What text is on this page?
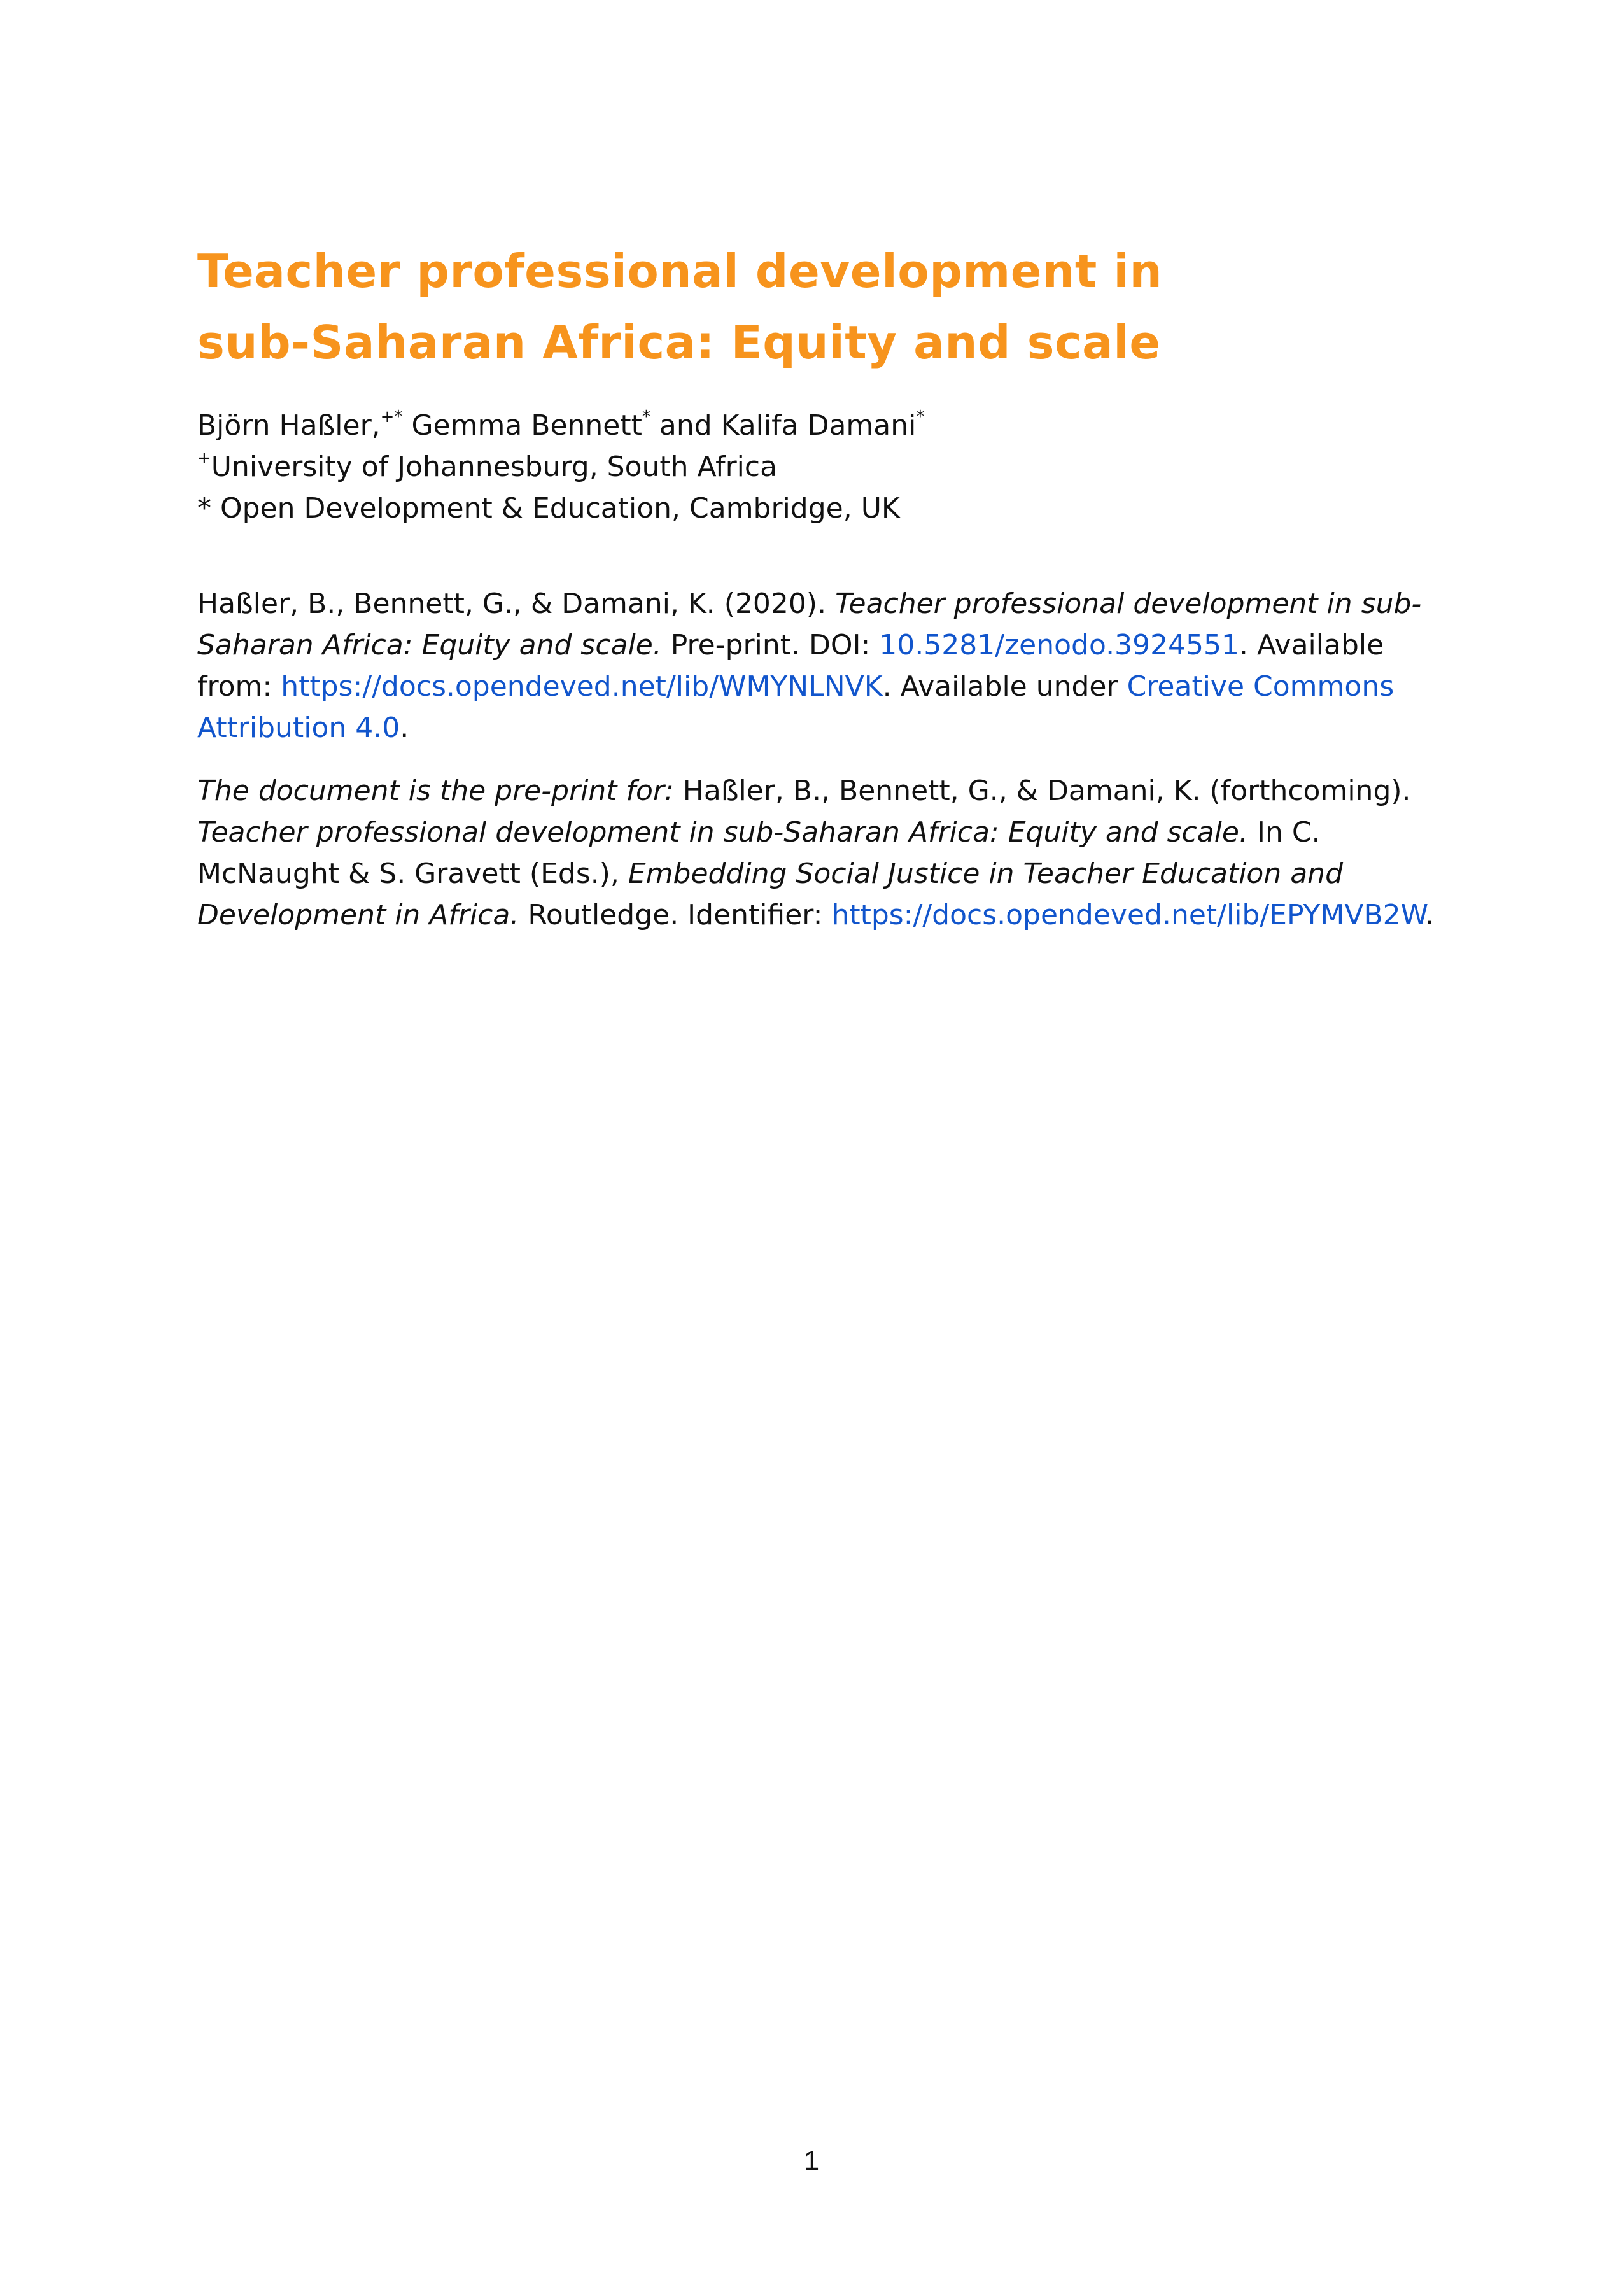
Teacher professional development in
sub-Saharan Africa: Equity and scale
Björn Haßler,+* Gemma Bennett* and Kalifa Damani*
+University of Johannesburg, South Africa
* Open Development & Education, Cambridge, UK

Haßler, B., Bennett, G., & Damani, K. (2020). Teacher professional development in sub-Saharan Africa: Equity and scale. Pre-print. DOI: 10.5281/zenodo.3924551. Available from: https://docs.opendeved.net/lib/WMYNLNVK. Available under Creative Commons Attribution 4.0.

The document is the pre-print for: Haßler, B., Bennett, G., & Damani, K. (forthcoming). Teacher professional development in sub-Saharan Africa: Equity and scale. In C. McNaught & S. Gravett (Eds.), Embedding Social Justice in Teacher Education and Development in Africa. Routledge. Identifier: https://docs.opendeved.net/lib/EPYMVB2W.

1
